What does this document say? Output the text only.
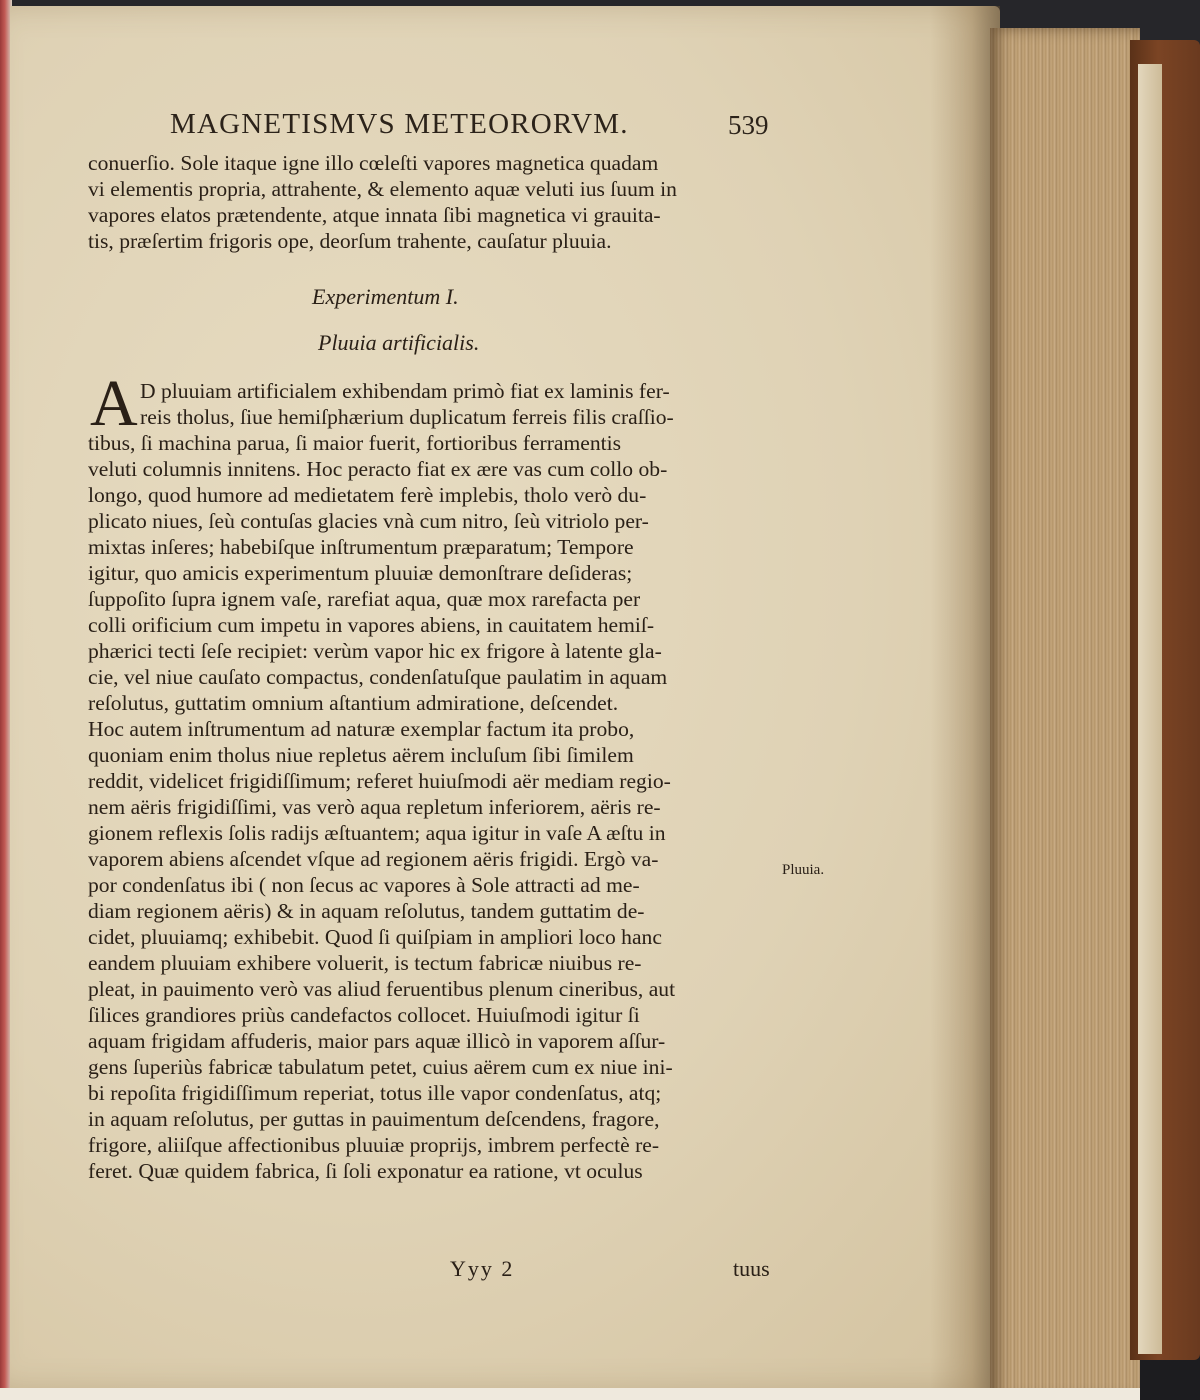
MAGNETISMVS METEORORVM.	539
conuerſio. Sole itaque igne illo cœleſti vapores magnetica quadam
vi elementis propria, attrahente, & elemento aquæ veluti ius ſuum in
vapores elatos prætendente, atque innata ſibi magnetica vi grauita-
tis, præſertim frigoris ope, deorſum trahente, cauſatur pluuia.
Experimentum I.
Pluuia artificialis.
A D pluuiam artificialem exhibendam primò fiat ex laminis fer-
reis tholus, ſiue hemiſphærium duplicatum ferreis filis craſſio-
tibus, ſi machina parua, ſi maior fuerit, fortioribus ferramentis
veluti columnis innitens. Hoc peracto fiat ex ære vas cum collo ob-
longo, quod humore ad medietatem ferè implebis, tholo verò du-
plicato niues, ſeù contuſas glacies vnà cum nitro, ſeù vitriolo per-
mixtas inſeres; habebiſque inſtrumentum præparatum; Tempore
igitur, quo amicis experimentum pluuiæ demonſtrare deſideras;
ſuppoſito ſupra ignem vaſe, rarefiat aqua, quæ mox rarefacta per
colli orificium cum impetu in vapores abiens, in cauitatem hemiſ-
phærici tecti ſeſe recipiet: verùm vapor hic ex frigore à latente gla-
cie, vel niue cauſato compactus, condenſatuſque paulatim in aquam
reſolutus, guttatim omnium aſtantium admiratione, deſcendet.
Hoc autem inſtrumentum ad naturæ exemplar factum ita probo,
quoniam enim tholus niue repletus aërem incluſum ſibi ſimilem
reddit, videlicet frigidiſſimum; referet huiuſmodi aër mediam regio-
nem aëris frigidiſſimi, vas verò aqua repletum inferiorem, aëris re-
gionem reflexis ſolis radijs æſtuantem; aqua igitur in vaſe A æſtu in
vaporem abiens aſcendet vſque ad regionem aëris frigidi. Ergò va-
por condenſatus ibi ( non ſecus ac vapores à Sole attracti ad me-
diam regionem aëris) & in aquam reſolutus, tandem guttatim de-
cidet, pluuiamq; exhibebit. Quod ſi quiſpiam in ampliori loco hanc
eandem pluuiam exhibere voluerit, is tectum fabricæ niuibus re-
pleat, in pauimento verò vas aliud feruentibus plenum cineribus, aut
ſilices grandiores priùs candefactos collocet. Huiuſmodi igitur ſi
aquam frigidam affuderis, maior pars aquæ illicò in vaporem aſſur-
gens ſuperiùs fabricæ tabulatum petet, cuius aërem cum ex niue ini-
bi repoſita frigidiſſimum reperiat, totus ille vapor condenſatus, atq;
in aquam reſolutus, per guttas in pauimentum deſcendens, fragore,
frigore, aliiſque affectionibus pluuiæ proprijs, imbrem perfectè re-
feret. Quæ quidem fabrica, ſi ſoli exponatur ea ratione, vt oculus
Pluuia.
Yyy 2	tuus
